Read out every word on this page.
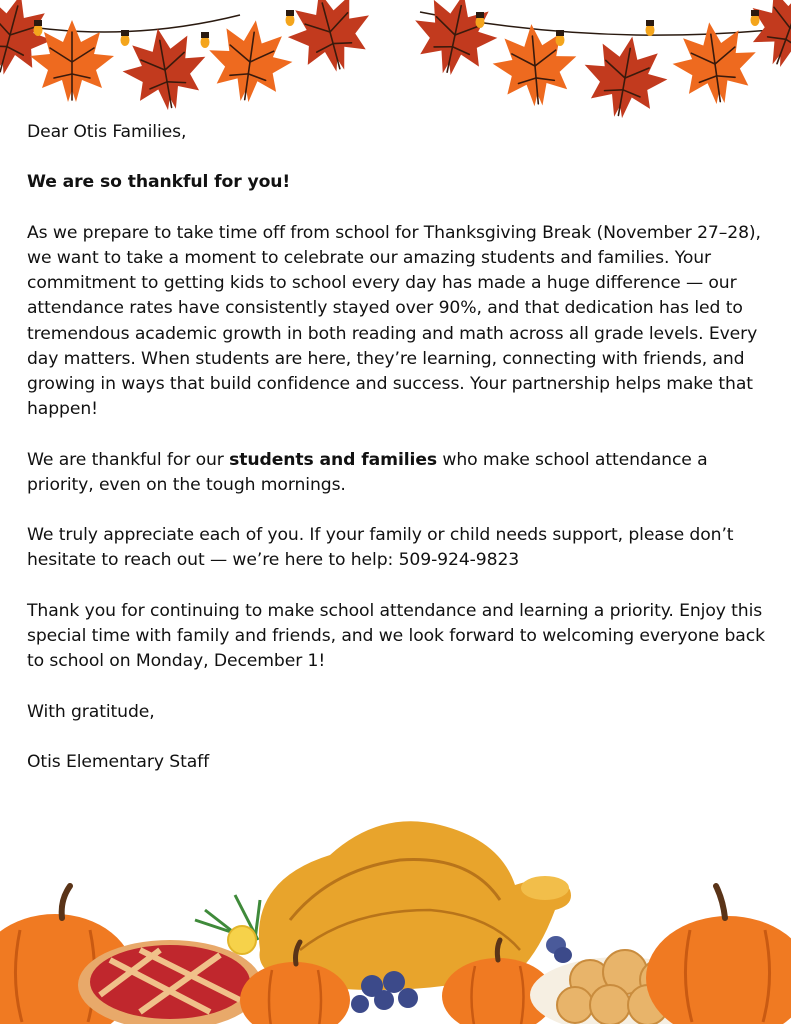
Dear Otis Families,

We are so thankful for you!

As we prepare to take time off from school for Thanksgiving Break (November 27–28), we want to take a moment to celebrate our amazing students and families. Your commitment to getting kids to school every day has made a huge difference — our attendance rates have consistently stayed over 90%, and that dedication has led to tremendous academic growth in both reading and math across all grade levels. Every day matters. When students are here, they’re learning, connecting with friends, and growing in ways that build confidence and success. Your partnership helps make that happen!

We are thankful for our students and families who make school attendance a priority, even on the tough mornings.

We truly appreciate each of you. If your family or child needs support, please don’t hesitate to reach out — we’re here to help: 509-924-9823

Thank you for continuing to make school attendance and learning a priority. Enjoy this special time with family and friends, and we look forward to welcoming everyone back to school on Monday, December 1!

With gratitude,

Otis Elementary Staff
